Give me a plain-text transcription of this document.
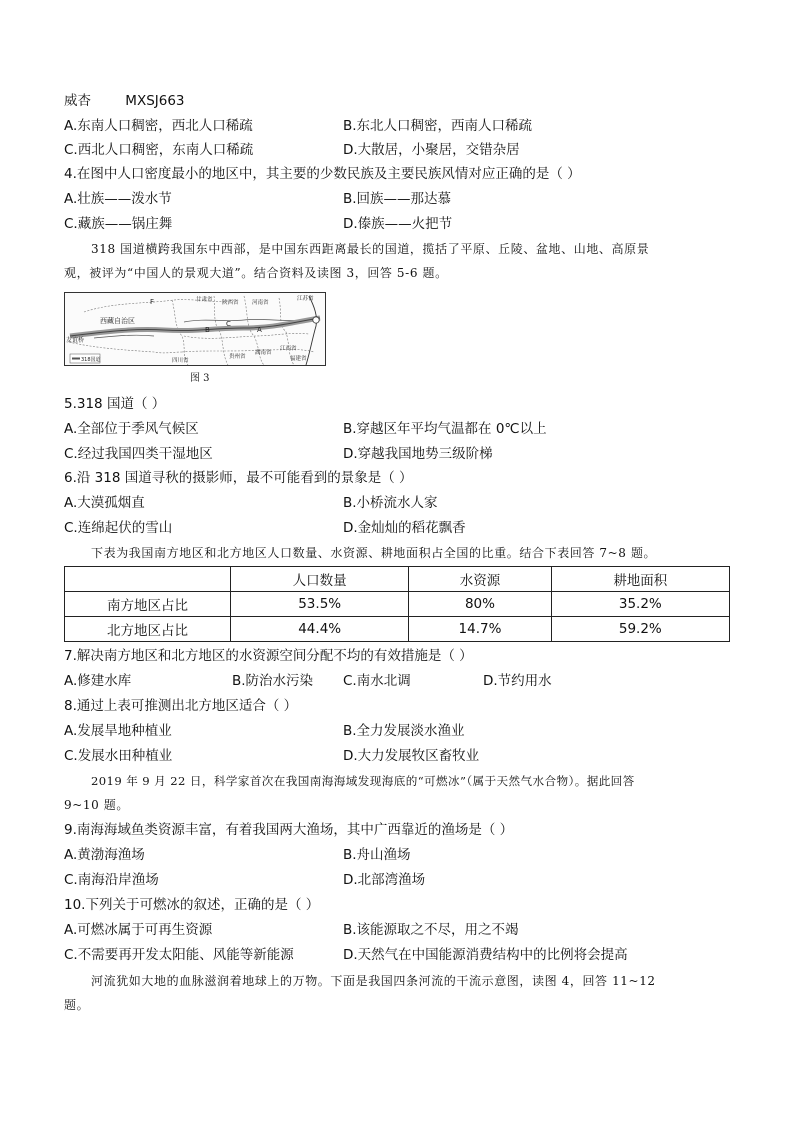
威杏	MXSJ663
A.东南人口稠密，西北人口稀疏	B.东北人口稠密，西南人口稀疏
C.西北人口稠密，东南人口稀疏	D.大散居，小聚居，交错杂居
4.在图中人口密度最小的地区中，其主要的少数民族及主要民族风情对应正确的是（ ）
A.壮族——泼水节	B.回族——那达慕
C.藏族——锅庄舞	D.傣族——火把节
318 国道横跨我国东中西部，是中国东西距离最长的国道，揽括了平原、丘陵、盆地、山地、高原景
观，被评为“中国人的景观大道”。结合资料及读图 3，回答 5-6 题。
西藏自治区
友谊桥
甘肃省 陕西省 河南省
江苏省
贵州省
湖南省
江西省
福建省
四川省
A
B
C
F
318国道
图 3
5.318 国道（ ）
A.全部位于季风气候区	B.穿越区年平均气温都在 0℃以上
C.经过我国四类干湿地区	D.穿越我国地势三级阶梯
6.沿 318 国道寻秋的摄影师，最不可能看到的景象是（ ）
A.大漠孤烟直	B.小桥流水人家
C.连绵起伏的雪山	D.金灿灿的稻花飘香
下表为我国南方地区和北方地区人口数量、水资源、耕地面积占全国的比重。结合下表回答 7~8 题。
	人口数量	水资源	耕地面积
南方地区占比	53.5%	80%	35.2%
北方地区占比	44.4%	14.7%	59.2%
7.解决南方地区和北方地区的水资源空间分配不均的有效措施是（ ）
A.修建水库	B.防治水污染 C.南水北调	D.节约用水
8.通过上表可推测出北方地区适合（ ）
A.发展旱地种植业	B.全力发展淡水渔业
C.发展水田种植业	D.大力发展牧区畜牧业
2019 年 9 月 22 日，科学家首次在我国南海海域发现海底的“可燃冰”（属于天然气水合物）。据此回答
9~10 题。
9.南海海域鱼类资源丰富，有着我国两大渔场，其中广西靠近的渔场是（ ）
A.黄渤海渔场	B.舟山渔场
C.南海沿岸渔场	D.北部湾渔场
10.下列关于可燃冰的叙述，正确的是（ ）
A.可燃冰属于可再生资源	B.该能源取之不尽，用之不竭
C.不需要再开发太阳能、风能等新能源	D.天然气在中国能源消费结构中的比例将会提高
河流犹如大地的血脉滋润着地球上的万物。下面是我国四条河流的干流示意图，读图 4，回答 11~12
题。
